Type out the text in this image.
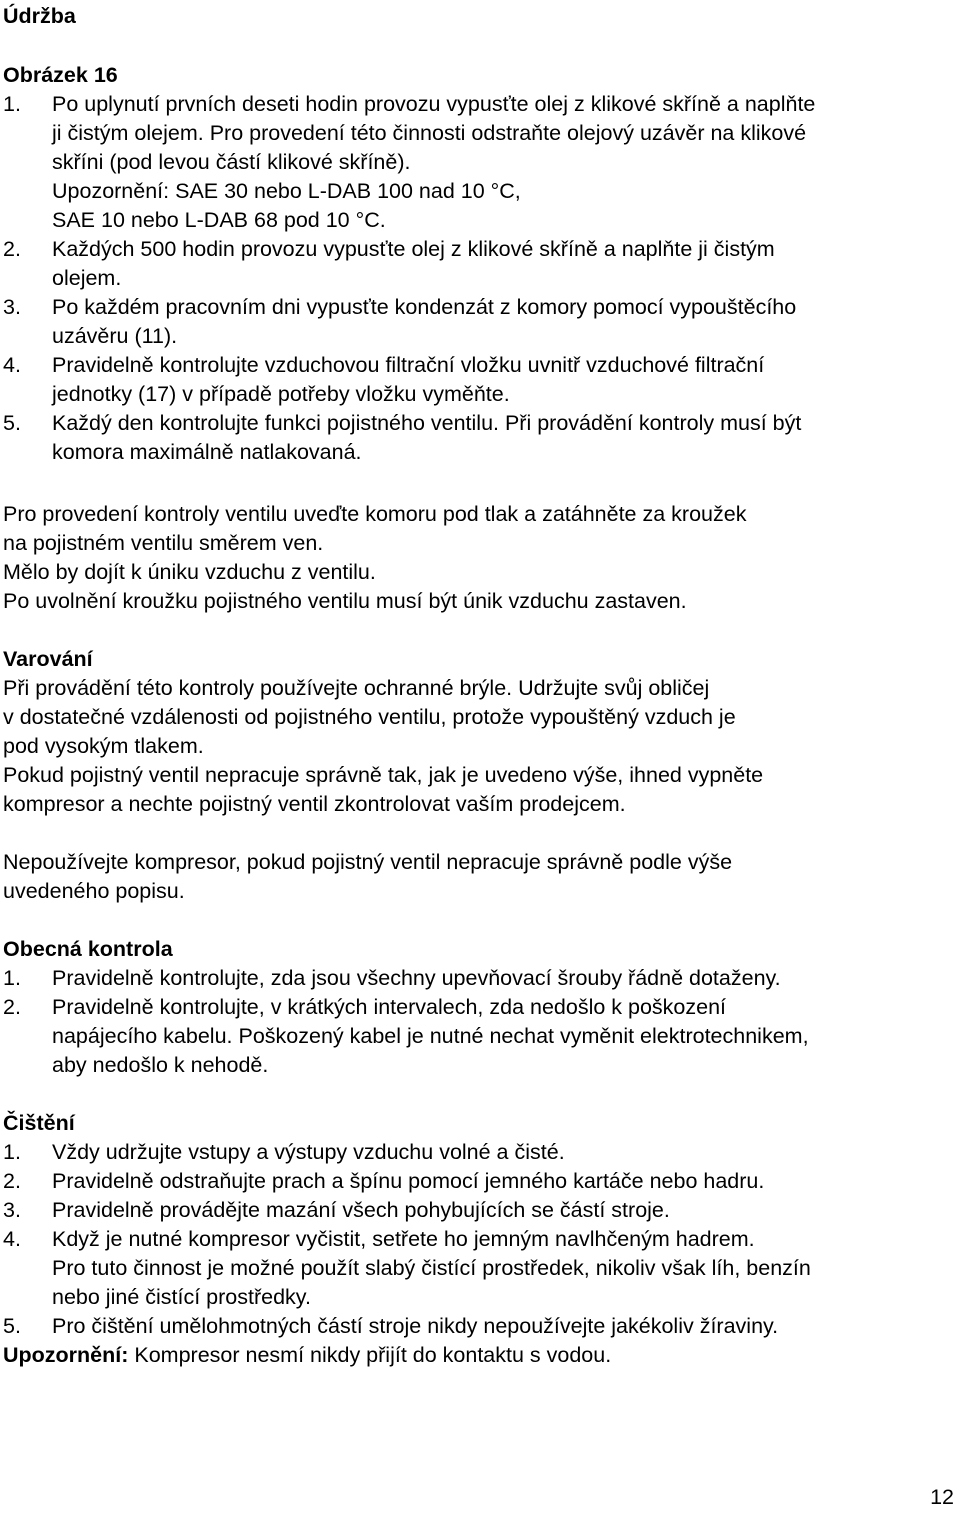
Údržba
Obrázek 16
1.	Po uplynutí prvních deseti hodin provozu vypusťte olej z klikové skříně a naplňte
ji čistým olejem. Pro provedení této činnosti odstraňte olejový uzávěr na klikové
skříni (pod levou částí klikové skříně).
Upozornění: SAE 30 nebo L-DAB 100 nad 10 °C,
SAE 10 nebo L-DAB 68 pod 10 °C.
2.	Každých 500 hodin provozu vypusťte olej z klikové skříně a naplňte ji čistým
olejem.
3.	Po každém pracovním dni vypusťte kondenzát z komory pomocí vypouštěcího
uzávěru (11).
4.	Pravidelně kontrolujte vzduchovou filtrační vložku uvnitř vzduchové filtrační
jednotky (17) v případě potřeby vložku vyměňte.
5.	Každý den kontrolujte funkci pojistného ventilu. Při provádění kontroly musí být
komora maximálně natlakovaná.
Pro provedení kontroly ventilu uveďte komoru pod tlak a zatáhněte za kroužek
na pojistném ventilu směrem ven.
Mělo by dojít k úniku vzduchu z ventilu.
Po uvolnění kroužku pojistného ventilu musí být únik vzduchu zastaven.
Varování
Při provádění této kontroly používejte ochranné brýle. Udržujte svůj obličej
v dostatečné vzdálenosti od pojistného ventilu, protože vypouštěný vzduch je
pod vysokým tlakem.
Pokud pojistný ventil nepracuje správně tak, jak je uvedeno výše, ihned vypněte
kompresor a nechte pojistný ventil zkontrolovat vaším prodejcem.
Nepoužívejte kompresor, pokud pojistný ventil nepracuje správně podle výše
uvedeného popisu.
Obecná kontrola
1.	Pravidelně kontrolujte, zda jsou všechny upevňovací šrouby řádně dotaženy.
2.	Pravidelně kontrolujte, v krátkých intervalech, zda nedošlo k poškození
napájecího kabelu. Poškozený kabel je nutné nechat vyměnit elektrotechnikem,
aby nedošlo k nehodě.
Čištění
1.	Vždy udržujte vstupy a výstupy vzduchu volné a čisté.
2.	Pravidelně odstraňujte prach a špínu pomocí jemného kartáče nebo hadru.
3.	Pravidelně provádějte mazání všech pohybujících se částí stroje.
4.	Když je nutné kompresor vyčistit, setřete ho jemným navlhčeným hadrem.
Pro tuto činnost je možné použít slabý čistící prostředek, nikoliv však líh, benzín
nebo jiné čistící prostředky.
5.	Pro čištění umělohmotných částí stroje nikdy nepoužívejte jakékoliv žíraviny.
Upozornění: Kompresor nesmí nikdy přijít do kontaktu s vodou.
12
